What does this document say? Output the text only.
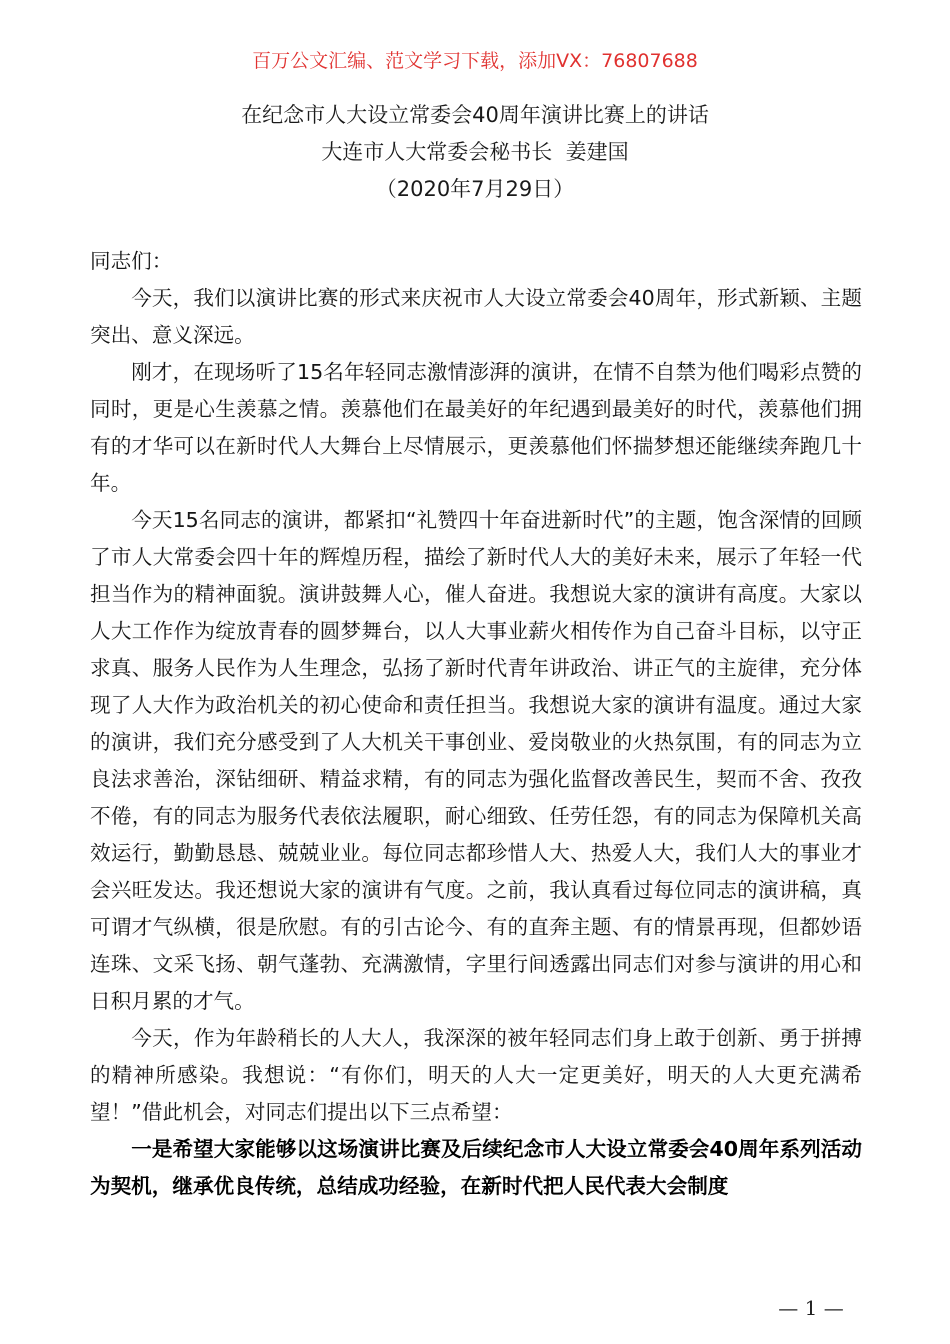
百万公文汇编、范文学习下载，添加VX：76807688
在纪念市人大设立常委会40周年演讲比赛上的讲话
大连市人大常委会秘书长  姜建国
（2020年7月29日）

同志们：

今天，我们以演讲比赛的形式来庆祝市人大设立常委会40周年，形式新颖、主题突出、意义深远。

刚才，在现场听了15名年轻同志激情澎湃的演讲，在情不自禁为他们喝彩点赞的同时，更是心生羡慕之情。羡慕他们在最美好的年纪遇到最美好的时代，羡慕他们拥有的才华可以在新时代人大舞台上尽情展示，更羡慕他们怀揣梦想还能继续奔跑几十年。

今天15名同志的演讲，都紧扣“礼赞四十年奋进新时代”的主题，饱含深情的回顾了市人大常委会四十年的辉煌历程，描绘了新时代人大的美好未来，展示了年轻一代担当作为的精神面貌。演讲鼓舞人心，催人奋进。我想说大家的演讲有高度。大家以人大工作作为绽放青春的圆梦舞台，以人大事业薪火相传作为自己奋斗目标，以守正求真、服务人民作为人生理念，弘扬了新时代青年讲政治、讲正气的主旋律，充分体现了人大作为政治机关的初心使命和责任担当。我想说大家的演讲有温度。通过大家的演讲，我们充分感受到了人大机关干事创业、爱岗敬业的火热氛围，有的同志为立良法求善治，深钻细研、精益求精，有的同志为强化监督改善民生，契而不舍、孜孜不倦，有的同志为服务代表依法履职，耐心细致、任劳任怨，有的同志为保障机关高效运行，勤勤恳恳、兢兢业业。每位同志都珍惜人大、热爱人大，我们人大的事业才会兴旺发达。我还想说大家的演讲有气度。之前，我认真看过每位同志的演讲稿，真可谓才气纵横，很是欣慰。有的引古论今、有的直奔主题、有的情景再现，但都妙语连珠、文采飞扬、朝气蓬勃、充满激情，字里行间透露出同志们对参与演讲的用心和日积月累的才气。

今天，作为年龄稍长的人大人，我深深的被年轻同志们身上敢于创新、勇于拼搏的精神所感染。我想说：“有你们，明天的人大一定更美好，明天的人大更充满希望！”借此机会，对同志们提出以下三点希望：

一是希望大家能够以这场演讲比赛及后续纪念市人大设立常委会40周年系列活动为契机，继承优良传统，总结成功经验，在新时代把人民代表大会制度

— 1 —
